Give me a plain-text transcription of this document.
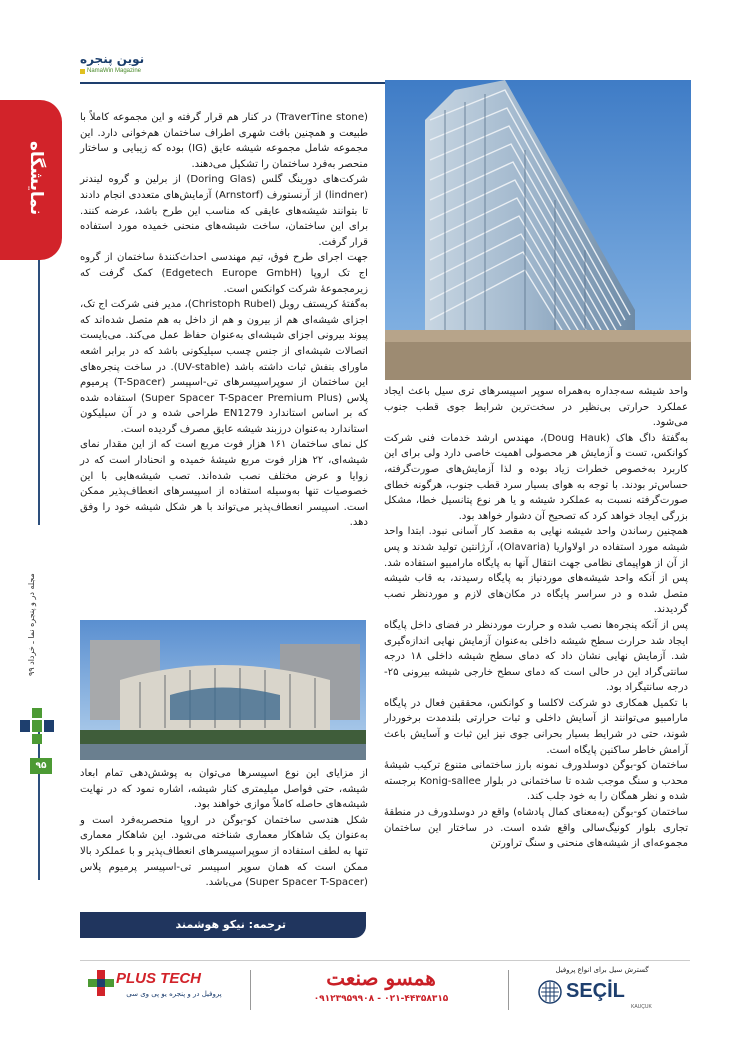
نوین پنجره
NamaWin Magazine
نمایشگاه
مجله در و پنجره نما ـ خرداد ۹۹
۹۵

(TraverTine stone) در کنار هم قرار گرفته و این مجموعه کاملاً با طبیعت و همچنین بافت شهری اطراف ساختمان هم‌خوانی دارد. این مجموعه شامل مجموعه شیشه عایق (IG) بوده که زیبایی و ساختار منحصر به‌فرد ساختمان را تشکیل می‌دهند.

شرکت‌های دورینگ گلس (Doring Glas) از برلین و گروه لیندنر (lindner) از آرنستورف (Arnstorf) آزمایش‌های متعددی انجام دادند تا بتوانند شیشه‌های عایقی که مناسب این طرح باشد، عرضه کنند. برای این ساختمان، ساخت شیشه‌های منحنی خمیده مورد استفاده قرار گرفت.

جهت اجرای طرح فوق، تیم مهندسی احداث‌کنندهٔ ساختمان از گروه اج تک اروپا (Edgetech Europe GmbH) کمک گرفت که زیرمجموعهٔ شرکت کوانکس است.

به‌گفتهٔ کریستف روبل (Christoph Rubel)، مدیر فنی شرکت اج تک، اجزای شیشه‌ای هم از بیرون و هم از داخل به هم متصل شده‌اند که پیوند بیرونی اجزای شیشه‌ای به‌عنوان حفاظ عمل می‌کند. می‌بایست اتصالات شیشه‌ای از جنس چسب سیلیکونی باشد که در برابر اشعه ماورای بنفش ثبات داشته باشد (UV-stable). در ساخت پنجره‌های این ساختمان از سوپراسپیسرهای تی-اسپیسر (T-Spacer) پرمیوم پلاس (Super Spacer T-Spacer Premium Plus) استفاده شده که بر اساس استاندارد EN1279 طراحی شده و در آن سیلیکون استاندارد به‌عنوان درزبند شیشه عایق مصرف گردیده است.

کل نمای ساختمان ۱۶۱ هزار فوت مربع است که از این مقدار نمای شیشه‌ای، ۲۲ هزار فوت مربع شیشهٔ خمیده و انحنادار است که در زوایا و عرض مختلف نصب شده‌اند. تصب شیشه‌هایی با این خصوصیات تنها به‌وسیله استفاده از اسپیسرهای انعطاف‌پذیر ممکن است. اسپیسر انعطاف‌پذیر می‌تواند با هر شکل شیشه خود را وفق دهد.

از مزایای این نوع اسپیسرها می‌توان به پوشش‌دهی تمام ابعاد شیشه، حتی فواصل میلیمتری کنار شیشه، اشاره نمود که در نهایت شیشه‌های حاصله کاملاً موازی خواهند بود.

شکل هندسی ساختمان کو-بوگن در اروپا منحصربه‌فرد است و به‌عنوان یک شاهکار معماری شناخته می‌شود. این شاهکار معماری تنها به لطف استفاده از سوپراسپیسرهای انعطاف‌پذیر و با عملکرد بالا ممکن است که همان سوپر اسپیسر تی-اسپیسر پرمیوم پلاس (Super Spacer T-Spacer) می‌باشد.

واحد شیشه سه‌جداره به‌همراه سوپر اسپیسرهای تری سیل باعث ایجاد عملکرد حرارتی بی‌نظیر در سخت‌ترین شرایط جوی قطب جنوب می‌شود.

به‌گفتهٔ داگ هاک (Doug Hauk)، مهندس ارشد خدمات فنی شرکت کوانکس، تست و آزمایش هر محصولی اهمیت خاصی دارد ولی برای این کاربرد به‌خصوص خطرات زیاد بوده و لذا آزمایش‌های صورت‌گرفته، حساس‌تر بودند. با توجه به هوای بسیار سرد قطب جنوب، هرگونه خطای صورت‌گرفته نسبت به عملکرد شیشه و یا هر نوع پتانسیل خطا، مشکل بزرگی ایجاد خواهد کرد که تصحیح آن دشوار خواهد بود.

همچنین رساندن واحد شیشه نهایی به مقصد کار آسانی نبود. ابتدا واحد شیشه مورد استفاده در اولاواریا (Olavaria)، آرژانتین تولید شدند و پس از آن از هواپیمای نظامی جهت انتقال آنها به پایگاه مارامبیو استفاده شد. پس از آنکه واحد شیشه‌های موردنیاز به پایگاه رسیدند، به قاب شیشه متصل شده و در سراسر پایگاه در مکان‌های لازم و موردنظر نصب گردیدند.

پس از آنکه پنجره‌ها نصب شده و حرارت موردنظر در فضای داخل پایگاه ایجاد شد حرارت سطح شیشه داخلی به‌عنوان آزمایش نهایی اندازه‌گیری شد. آزمایش نهایی نشان داد که دمای سطح شیشه داخلی ۱۸ درجه سانتی‌گراد این در حالی است که دمای سطح خارجی شیشه بیرونی ۲۵- درجه سانتیگراد بود.

با تکمیل همکاری دو شرکت لاکلسا و کوانکس، محققین فعال در پایگاه مارامبیو می‌توانند از آسایش داخلی و ثبات حرارتی بلندمدت برخوردار شوند، حتی در شرایط بسیار بحرانی جوی نیز این ثبات و آسایش باعث آرامش خاطر ساکنین پایگاه است.

ساختمان کو-بوگن دوسلدورف نمونه بارز ساختمانی متنوع ترکیب شیشهٔ محدب و سنگ موجب شده تا ساختمانی در بلوار Konig-sallee برجسته شده و نظر همگان را به خود جلب کند.

ساختمان کو-بوگن (به‌معنای کمال پادشاه) واقع در دوسلدورف در منطقهٔ تجاری بلوار کونیگ‌سالی واقع شده است. در ساختار این ساختمان مجموعه‌ای از شیشه‌های منحنی و سنگ تراورتن

ترجمه: نیکو هوشمند
PLUS TECH
پروفیل در و پنجره یو پی وی سی
همسو صنعت
۰۲۱-۴۴۳۵۸۳۱۵ - ۰۹۱۲۳۹۵۹۹۰۸
گسترش سیل برای انواع پروفیل
SEÇİL
KAUÇUK
